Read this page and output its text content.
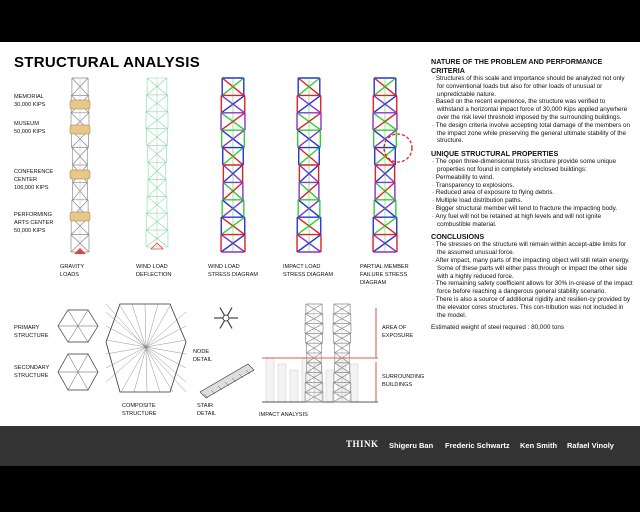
STRUCTURAL ANALYSIS
MEMORIAL
30,000 KIPS
MUSEUM
50,000 KIPS
CONFERENCE
CENTER
106,000 KIPS
PERFORMING
ARTS CENTER
50,000 KIPS
GRAVITY
LOADS
WIND LOAD
DEFLECTION
WIND LOAD
STRESS DIAGRAM
IMPACT LOAD
STRESS DIAGRAM
PARTIAL MEMBER
FAILURE STRESS
DIAGRAM
PRIMARY
STRUCTURE
SECONDARY
STRUCTURE
COMPOSITE
STRUCTURE
NODE
DETAIL
STAIR
DETAIL	IMPACT ANALYSIS
AREA OF
EXPOSURE
SURROUNDING
BUILDINGS
NATURE OF THE PROBLEM AND PERFORMANCE CRITERIA

· Structures of this scale and importance should be analyzed not only for conventional loads but also for other loads of unusual or unpredictable nature.

· Based on the recent experience, the structure was verified to withstand a horizontal impact force of 30,000 Kips applied anywhere over the risk level threshold imposed by the surrounding buildings.

· The design criteria involve accepting total damage of the members on the impact zone while preserving the general ultimate stability of the structure.

UNIQUE STRUCTURAL PROPERTIES

· The open three-dimensional truss structure provide some unique properties not found in completely enclosed buildings:

· Permeability to wind.

· Transparency to explosions.

· Reduced area of exposure to flying debris.

· Multiple load distribution paths.

· Bigger structural member will tend to fracture the impacting body.

· Any fuel will not be retained at high levels and will not ignite combustible material.

CONCLUSIONS

· The stresses on the structure will remain within accept-able limits for the assumed unusual force.

· After impact, many parts of the impacting object will still retain energy. Some of these parts will either pass through or impact the other side with a highly reduced force.

· The remaining safety coefficient allows for 30% in-crease of the impact force before reaching a dangerous general stability scenario.

· There is also a source of additional rigidity and resilien-cy provided by the elevator cores structures. This con-tribution was not included in the model.

Estimated weight of steel required : 80,000 tons

THINK Shigeru Ban Frederic Schwartz Ken Smith Rafael Vinoly
